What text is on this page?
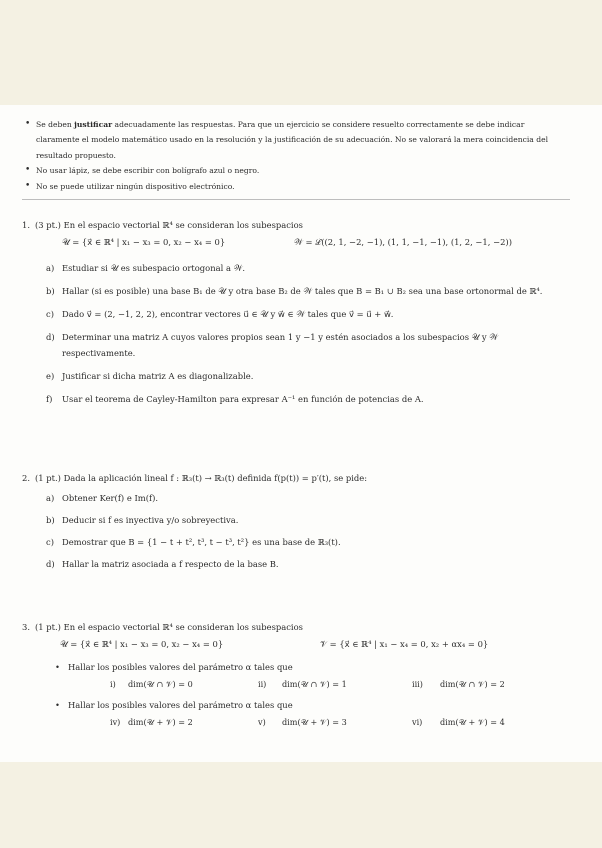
• Se deben justificar adecuadamente las respuestas. Para que un ejercicio se considere resuelto correctamente se debe indicar claramente el modelo matemático usado en la resolución y la justificación de su adecuación. No se valorará la mera coincidencia del resultado propuesto.
• No usar lápiz, se debe escribir con bolígrafo azul o negro.
• No se puede utilizar ningún dispositivo electrónico.
1. (3 pt.) En el espacio vectorial ℝ⁴ se consideran los subespacios
𝒰 = {x⃗ ∈ ℝ⁴ | x₁ − x₃ = 0, x₂ − x₄ = 0}	𝒲 = ℒ((2, 1, −2, −1), (1, 1, −1, −1), (1, 2, −1, −2))
a) Estudiar si 𝒰 es subespacio ortogonal a 𝒲.
b) Hallar (si es posible) una base B₁ de 𝒰 y otra base B₂ de 𝒲 tales que B = B₁ ∪ B₂ sea una base ortonormal de ℝ⁴.
c) Dado v⃗ = (2, −1, 2, 2), encontrar vectores u⃗ ∈ 𝒰 y w⃗ ∈ 𝒲 tales que v⃗ = u⃗ + w⃗.
d) Determinar una matriz A cuyos valores propios sean 1 y −1 y estén asociados a los subespacios 𝒰 y 𝒲 respectivamente.
e) Justificar si dicha matriz A es diagonalizable.
f) Usar el teorema de Cayley-Hamilton para expresar A⁻¹ en función de potencias de A.
2. (1 pt.) Dada la aplicación lineal f : ℝ₃(t) → ℝ₃(t) definida f(p(t)) = p′(t), se pide:
a) Obtener Ker(f) e Im(f).
b) Deducir si f es inyectiva y/o sobreyectiva.
c) Demostrar que B = {1 − t + t², t³, t − t³, t²} es una base de ℝ₃(t).
d) Hallar la matriz asociada a f respecto de la base B.
3. (1 pt.) En el espacio vectorial ℝ⁴ se consideran los subespacios
𝒰 = {x⃗ ∈ ℝ⁴ | x₁ − x₃ = 0, x₂ − x₄ = 0}	𝒱 = {x⃗ ∈ ℝ⁴ | x₁ − x₄ = 0, x₂ + αx₄ = 0}
• Hallar los posibles valores del parámetro α tales que
i) dim(𝒰 ∩ 𝒱) = 0	ii) dim(𝒰 ∩ 𝒱) = 1	iii) dim(𝒰 ∩ 𝒱) = 2
• Hallar los posibles valores del parámetro α tales que
iv) dim(𝒰 + 𝒱) = 2	v) dim(𝒰 + 𝒱) = 3	vi) dim(𝒰 + 𝒱) = 4
